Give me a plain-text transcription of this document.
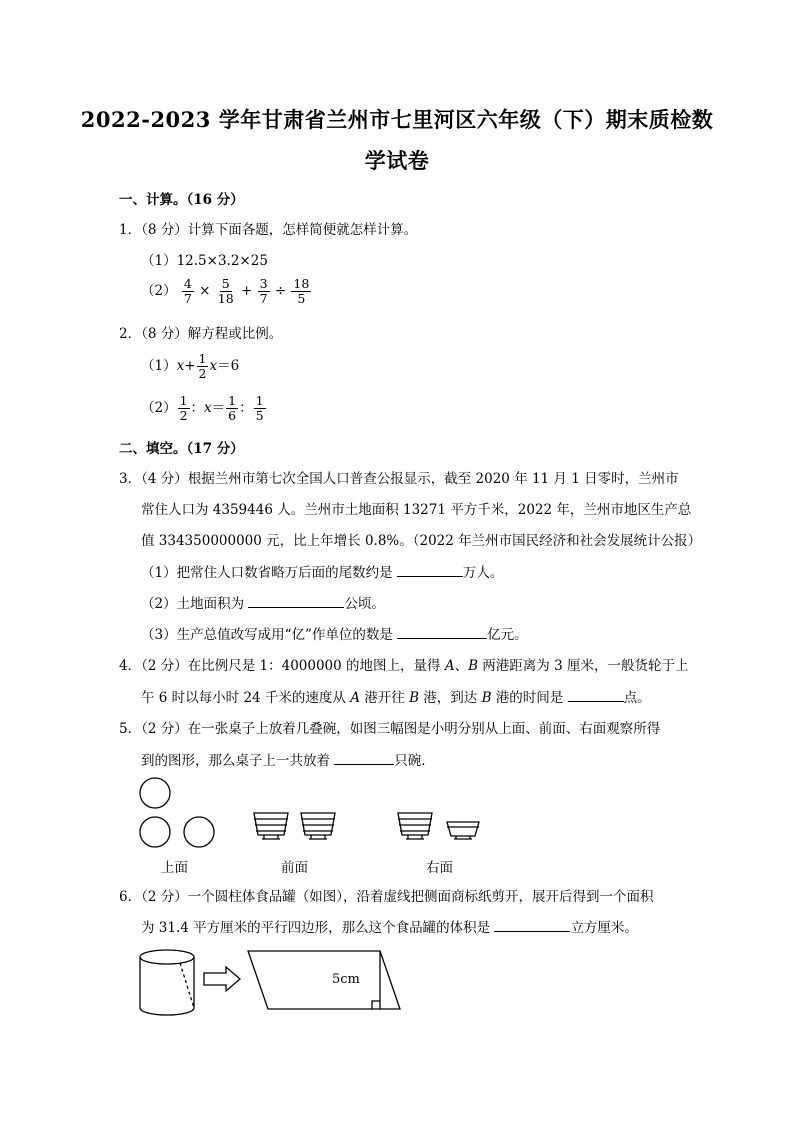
2022-2023 学年甘肃省兰州市七里河区六年级（下）期末质检数
学试卷
一、计算。（16 分）
1．（8 分）计算下面各题，怎样简便就怎样计算。
（1）12.5×3.2×25
$(2) \frac{4}{7} \times \frac{5}{18} + \frac{3}{7} \div \frac{18}{5}$
2．（8 分）解方程或比例。
$(1)x+ \frac{1}{2} x=6$
$(2) \frac{1}{2}$ ：$x= \frac{1}{6}$ ： $\frac{1}{5}$
二、填空。（17 分）
3．（4 分）根据兰州市第七次全国人口普查公报显示，截至 2020 年 11 月 1 日零时，兰州市
常住人口为 4359446 人。兰州市土地面积 13271 平方千米，2022 年，兰州市地区生产总
值 334350000000 元，比上年增长 0.8%。（2022 年兰州市国民经济和社会发展统计公报）
（1）把常住人口数省略万后面的尾数约是	万人。
（2）土地面积为	公顷。
（3）生产总值改写成用“亿”作单位的数是	亿元。
4．（2 分）在比例尺是 1：4000000 的地图上，量得 A、B 两港距离为 3 厘米，一般货轮于上
午 6 时以每小时 24 千米的速度从 A 港开往 B 港，到达 B 港的时间是	点。
5．（2 分）在一张桌子上放着几叠碗，如图三幅图是小明分别从上面、前面、右面观察所得
到的图形，那么桌子上一共放着	只碗．
上面	前面	右面
6．（2 分）一个圆柱体食品罐（如图），沿着虚线把侧面商标纸剪开，展开后得到一个面积
为 31.4 平方厘米的平行四边形，那么这个食品罐的体积是	立方厘米。
5cm
